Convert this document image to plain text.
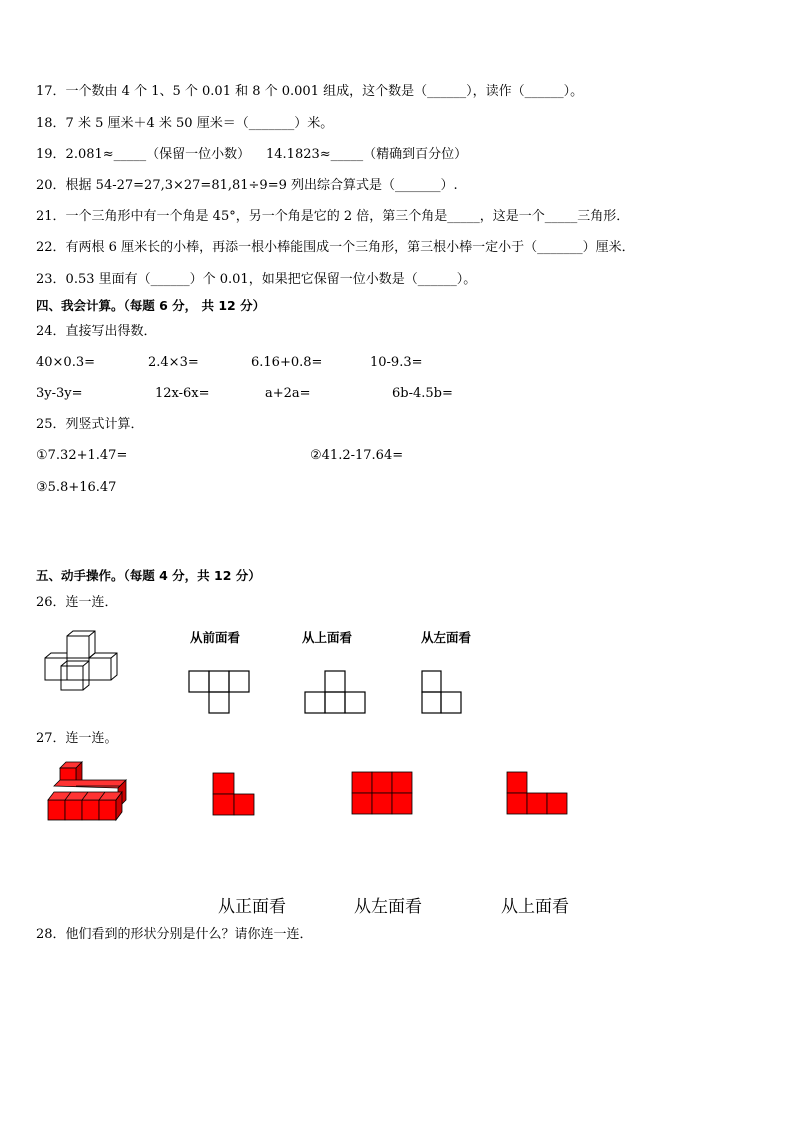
17．一个数由 4 个 1、5 个 0.01 和 8 个 0.001 组成，这个数是（______），读作（______）。
18．7 米 5 厘米＋4 米 50 厘米＝（_______）米。
19．2.081≈_____（保留一位小数） 14.1823≈_____（精确到百分位）
20．根据 54-27=27,3×27=81,81÷9=9 列出综合算式是（_______）.
21．一个三角形中有一个角是 45°，另一个角是它的 2 倍，第三个角是_____，这是一个_____三角形．
22．有两根 6 厘米长的小棒，再添一根小棒能围成一个三角形，第三根小棒一定小于（_______）厘米．
23．0.53 里面有（______）个 0.01，如果把它保留一位小数是（______）。
四、我会计算。（每题 6 分， 共 12 分）
24．直接写出得数．
40×0.3=	2.4×3=	6.16+0.8=	10-9.3=
3y-3y=	12x-6x=	a+2a=	6b-4.5b=
25．列竖式计算．
①7.32+1.47=	②41.2-17.64=
③5.8+16.47
五、动手操作。（每题 4 分，共 12 分）
26．连一连．
从前面看	从上面看	从左面看
27．连一连。
从正面看	从左面看	从上面看
28．他们看到的形状分别是什么？请你连一连．
